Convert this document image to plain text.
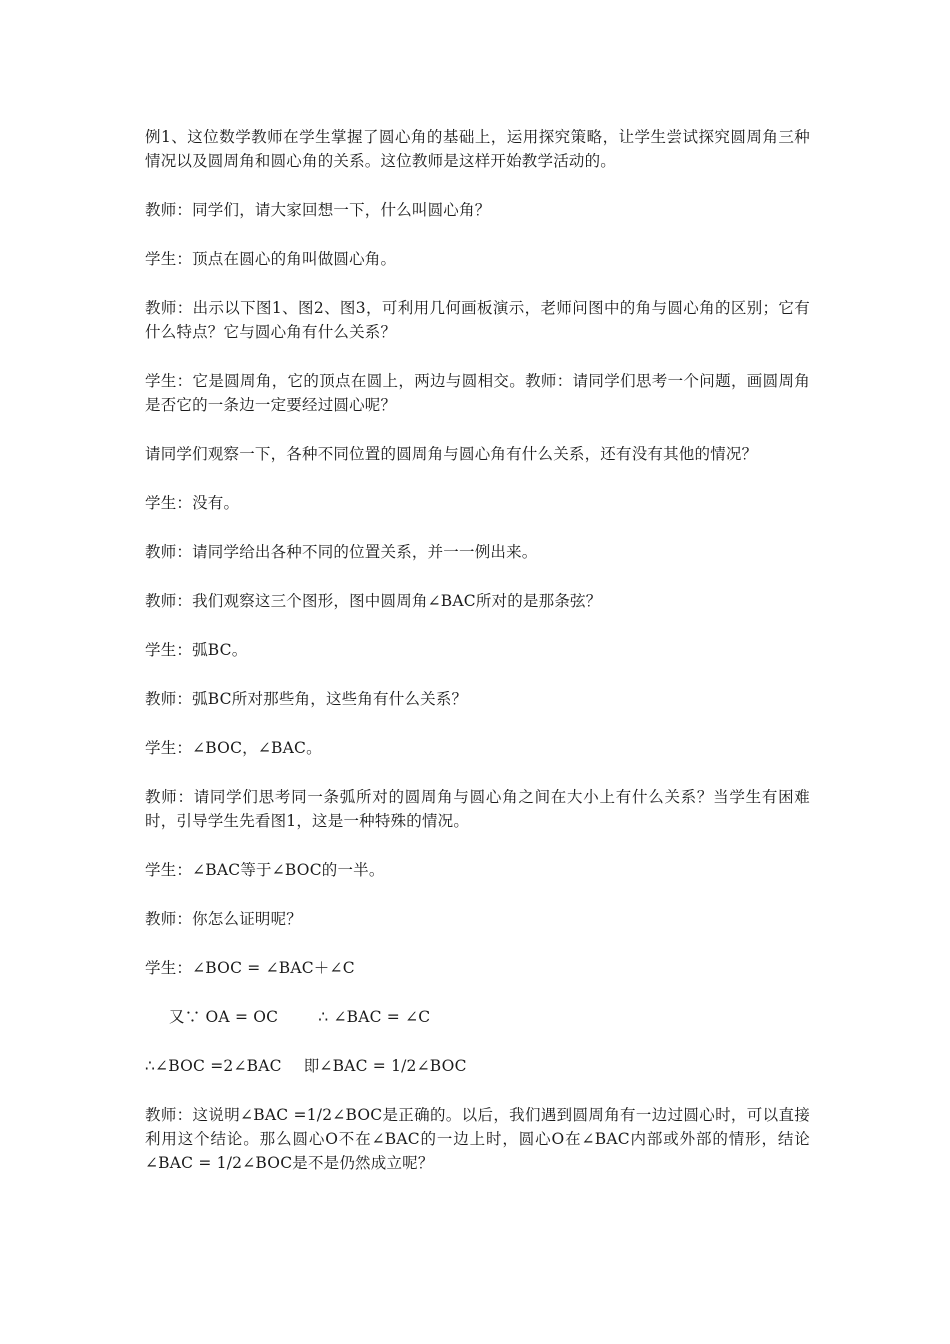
例1、这位数学教师在学生掌握了圆心角的基础上，运用探究策略，让学生尝试探究圆周角三种情况以及圆周角和圆心角的关系。这位教师是这样开始教学活动的。

教师：同学们，请大家回想一下，什么叫圆心角？

学生：顶点在圆心的角叫做圆心角。

教师：出示以下图1、图2、图3，可利用几何画板演示，老师问图中的角与圆心角的区别；它有什么特点？它与圆心角有什么关系？

学生：它是圆周角，它的顶点在圆上，两边与圆相交。教师：请同学们思考一个问题，画圆周角是否它的一条边一定要经过圆心呢？

请同学们观察一下，各种不同位置的圆周角与圆心角有什么关系，还有没有其他的情况？

学生：没有。

教师：请同学给出各种不同的位置关系，并一一例出来。

教师：我们观察这三个图形，图中圆周角∠BAC所对的是那条弦？

学生：弧BC。

教师：弧BC所对那些角，这些角有什么关系？

学生：∠BOC，∠BAC。

教师：请同学们思考同一条弧所对的圆周角与圆心角之间在大小上有什么关系？当学生有困难时，引导学生先看图1，这是一种特殊的情况。

学生：∠BAC等于∠BOC的一半。

教师：你怎么证明呢？

学生：∠BOC = ∠BAC＋∠C

又∵ OA = OC	∴ ∠BAC = ∠C

∴∠BOC =2∠BAC 即∠BAC = 1/2∠BOC

教师：这说明∠BAC =1/2∠BOC是正确的。以后，我们遇到圆周角有一边过圆心时，可以直接利用这个结论。那么圆心O不在∠BAC的一边上时，圆心O在∠BAC内部或外部的情形，结论∠BAC = 1/2∠BOC是不是仍然成立呢？
